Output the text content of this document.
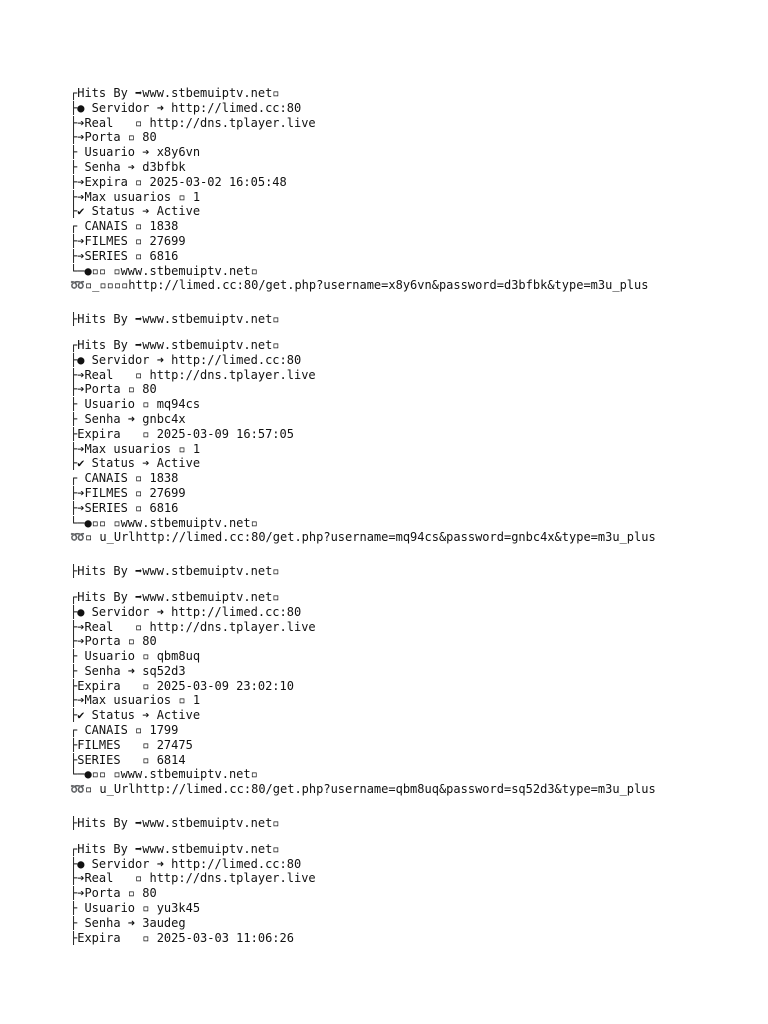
┌Hits By ➡www.stbemuiptv.net▫
├● Servidor ➜ http://limed.cc:80
├➔Real   ▫ http://dns.tplayer.live
├➔Porta ▫ 80
├ Usuario ➔ x8y6vn
├ Senha ➔ d3bfbk
├➔Expira ▫ 2025-03-02 16:05:48
├➔Max usuarios ▫ 1
├✔ Status ➔ Active
┌ CANAIS ▫ 1838
├➔FILMES ▫ 27699
├➔SERIES ▫ 6816
└─●▫▫ ▫www.stbemuiptv.net▫
➿▫_▫▫▫▫http://limed.cc:80/get.php?username=x8y6vn&password=d3bfbk&type=m3u_plus
├Hits By ➡www.stbemuiptv.net▫
┌Hits By ➡www.stbemuiptv.net▫
├● Servidor ➜ http://limed.cc:80
├➔Real   ▫ http://dns.tplayer.live
├➔Porta ▫ 80
├ Usuario ▫ mq94cs
├ Senha ➜ gnbc4x
├Expira   ▫ 2025-03-09 16:57:05
├➔Max usuarios ▫ 1
├✔ Status ➔ Active
┌ CANAIS ▫ 1838
├➔FILMES ▫ 27699
├➔SERIES ▫ 6816
└─●▫▫ ▫www.stbemuiptv.net▫
➿▫ u_Urlhttp://limed.cc:80/get.php?username=mq94cs&password=gnbc4x&type=m3u_plus
├Hits By ➡www.stbemuiptv.net▫
┌Hits By ➡www.stbemuiptv.net▫
├● Servidor ➜ http://limed.cc:80
├➔Real   ▫ http://dns.tplayer.live
├➔Porta ▫ 80
├ Usuario ▫ qbm8uq
├ Senha ➜ sq52d3
├Expira   ▫ 2025-03-09 23:02:10
├➔Max usuarios ▫ 1
├✔ Status ➔ Active
┌ CANAIS ▫ 1799
├FILMES   ▫ 27475
├SERIES   ▫ 6814
└─●▫▫ ▫www.stbemuiptv.net▫
➿▫ u_Urlhttp://limed.cc:80/get.php?username=qbm8uq&password=sq52d3&type=m3u_plus
├Hits By ➡www.stbemuiptv.net▫
┌Hits By ➡www.stbemuiptv.net▫
├● Servidor ➜ http://limed.cc:80
├➔Real   ▫ http://dns.tplayer.live
├➔Porta ▫ 80
├ Usuario ▫ yu3k45
├ Senha ➜ 3audeg
├Expira   ▫ 2025-03-03 11:06:26
